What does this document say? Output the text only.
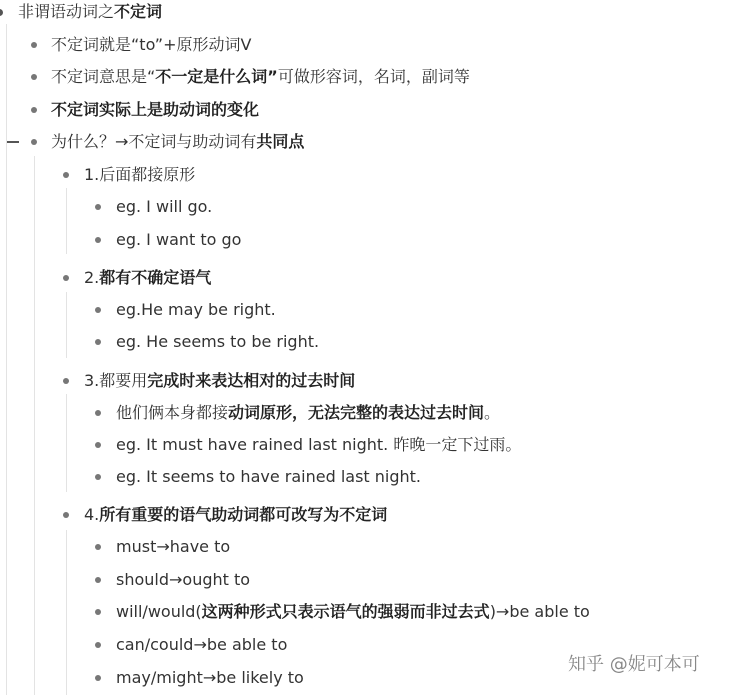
非谓语动词之不定词
不定词就是“to”+原形动词V
不定词意思是“不一定是什么词”可做形容词，名词，副词等
不定词实际上是助动词的变化
为什么？→不定词与助动词有共同点
1.后面都接原形
eg. I will go.
eg. I want to go
2.都有不确定语气
eg.He may be right.
eg. He seems to be right.
3.都要用完成时来表达相对的过去时间
他们俩本身都接动词原形，无法完整的表达过去时间。
eg. It must have rained last night. 昨晚一定下过雨。
eg. It seems to have rained last night.
4.所有重要的语气助动词都可改写为不定词
must→have to
should→ought to
will/would(这两种形式只表示语气的强弱而非过去式)→be able to
can/could→be able to
may/might→be likely to
知乎 @妮可本可
